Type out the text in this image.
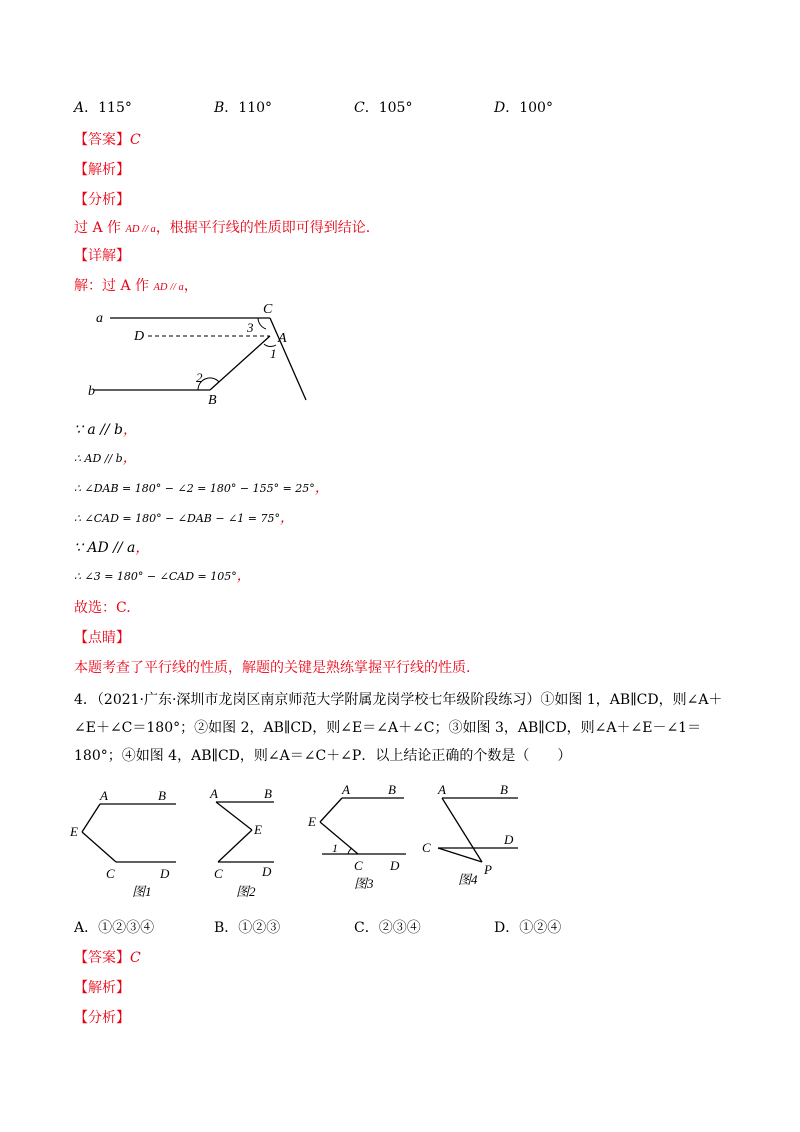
A．115°	B．110°	C．105°	D．100°
【答案】C
【解析】
【分析】
过 A 作 AD // a，根据平行线的性质即可得到结论.
【详解】
解：过 A 作 AD // a，
a
D
b
C
A
B
1
2
3
∵ a // b，
∴ AD // b，
∴ ∠DAB = 180° − ∠2 = 180° − 155° = 25°，
∴ ∠CAD = 180° − ∠DAB − ∠1 = 75°，
∵ AD // a，
∴ ∠3 = 180° − ∠CAD = 105°，
故选：C.
【点睛】
本题考查了平行线的性质，解题的关键是熟练掌握平行线的性质.
4．（2021·广东·深圳市龙岗区南京师范大学附属龙岗学校七年级阶段练习）①如图 1，AB∥CD，则∠A＋
∠E＋∠C＝180°；②如图 2，AB∥CD，则∠E＝∠A＋∠C；③如图 3，AB∥CD，则∠A＋∠E－∠1＝
180°；④如图 4，AB∥CD，则∠A＝∠C＋∠P．以上结论正确的个数是（　　）
A	B
E
C	D
图1
A	B
E
C	D
图2
A	B
E
C D
1
图3
A	B
C
D
P
图4
A．①②③④	B．①②③	C．②③④	D．①②④
【答案】C
【解析】
【分析】
